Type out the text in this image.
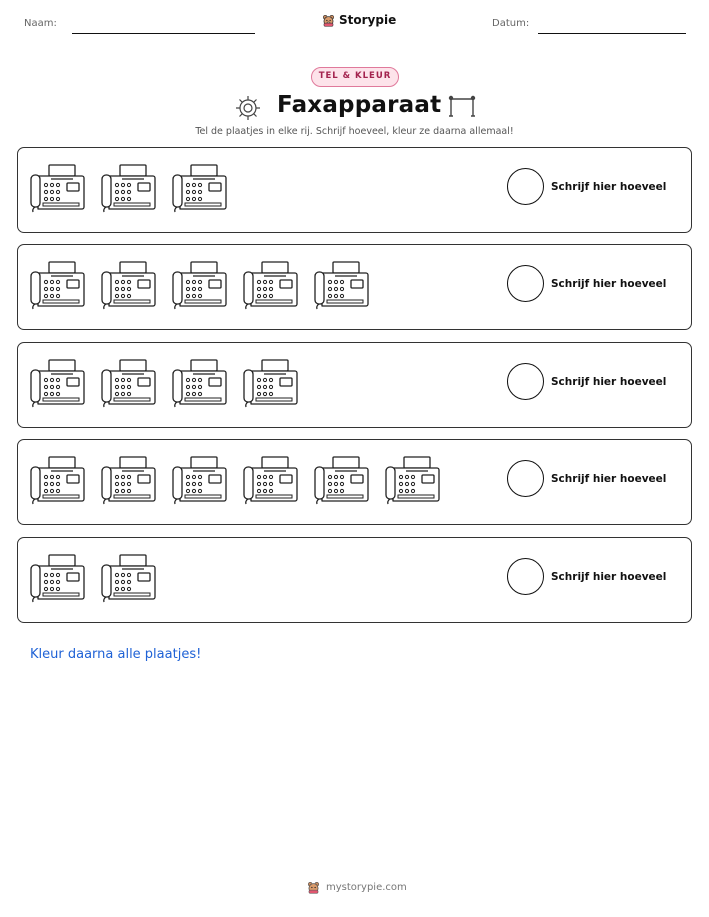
Naam:	Storypie	Datum:
TEL & KLEUR
Faxapparaat
Tel de plaatjes in elke rij. Schrijf hoeveel, kleur ze daarna allemaal!
Schrijf hier hoeveel
Schrijf hier hoeveel
Schrijf hier hoeveel
Schrijf hier hoeveel
Schrijf hier hoeveel
Kleur daarna alle plaatjes!
mystorypie.com
